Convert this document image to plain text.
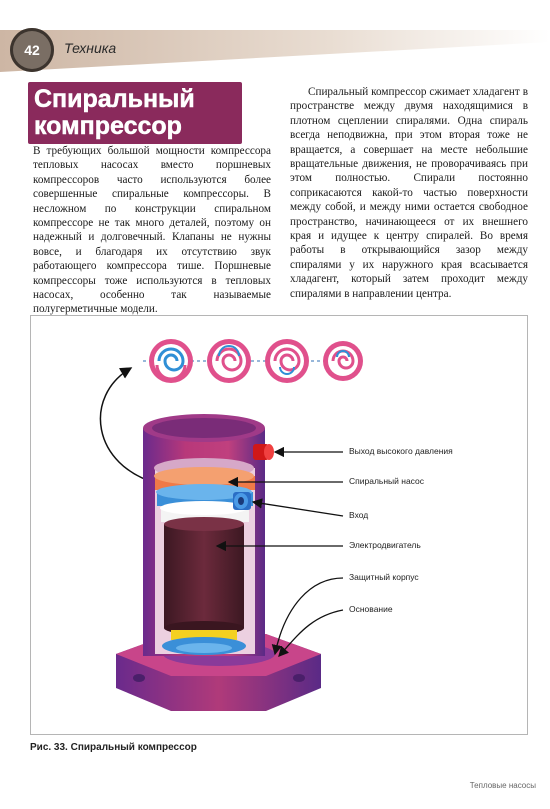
42 Техника
Спиральный
компрессор

В требующих большой мощности компрессора тепловых насосах вместо поршневых компрессоров часто используются более совершенные спиральные компрессоры. В несложном по конструкции спиральном компрессоре не так много деталей, поэтому он надежный и долговечный. Клапаны не нужны вовсе, и благодаря их отсутствию звук работающего компрессора тише. Поршневые компрессоры тоже используются в тепловых насосах, особенно так называемые полугерметичные модели.

Спиральный компрессор сжимает хладагент в пространстве между двумя находящимися в плотном сцеплении спиралями. Одна спираль всегда неподвижна, при этом вторая тоже не вращается, а совершает на месте небольшие вращательные движения, не проворачиваясь при этом полностью. Спирали постоянно соприкасаются какой-то частью поверхности между собой, и между ними остается свободное пространство, начинающееся от их внешнего края и идущее к центру спиралей. Во время работы в открывающийся зазор между спиралями у их наружного края всасывается хладагент, который затем проходит между спиралями в направлении центра.

Выход высокого давления
Спиральный насос
Вход
Электродвигатель
Защитный корпус
Основание
Рис. 33. Спиральный компрессор
Тепловые насосы
